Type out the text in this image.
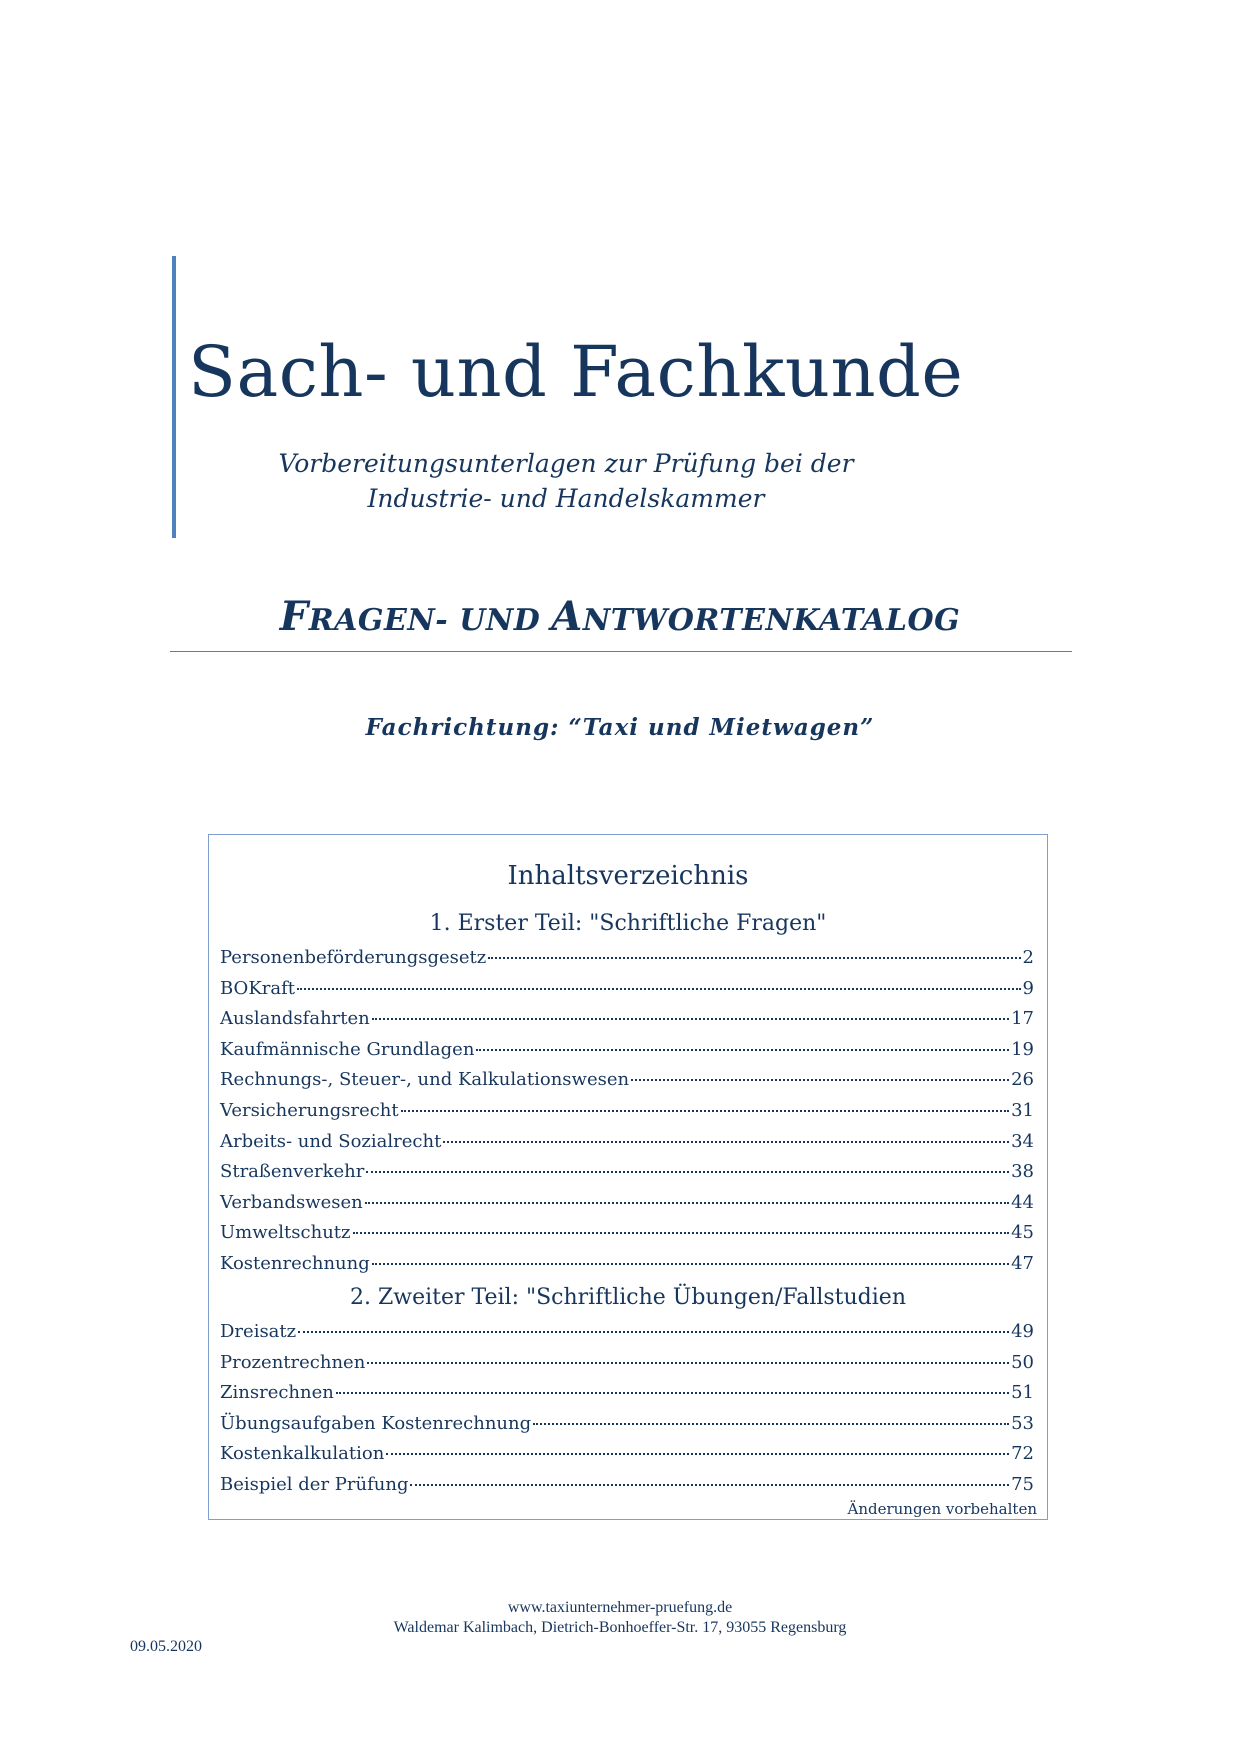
Sach- und Fachkunde

Vorbereitungsunterlagen zur Prüfung bei der Industrie- und Handelskammer

FRAGEN- UND ANTWORTENKATALOG

Fachrichtung: “Taxi und Mietwagen”

Inhaltsverzeichnis

1. Erster Teil: "Schriftliche Fragen"

Personenbeförderungsgesetz	2
BOKraft	9
Auslandsfahrten	17
Kaufmännische Grundlagen	19
Rechnungs-, Steuer-, und Kalkulationswesen	26
Versicherungsrecht	31
Arbeits- und Sozialrecht	34
Straßenverkehr	38
Verbandswesen	44
Umweltschutz	45
Kostenrechnung	47

2. Zweiter Teil: "Schriftliche Übungen/Fallstudien

Dreisatz	49
Prozentrechnen	50
Zinsrechnen	51
Übungsaufgaben Kostenrechnung	53
Kostenkalkulation	72
Beispiel der Prüfung	75

Änderungen vorbehalten

www.taxiunternehmer-pruefung.de

Waldemar Kalimbach, Dietrich-Bonhoeffer-Str. 17, 93055 Regensburg

09.05.2020
